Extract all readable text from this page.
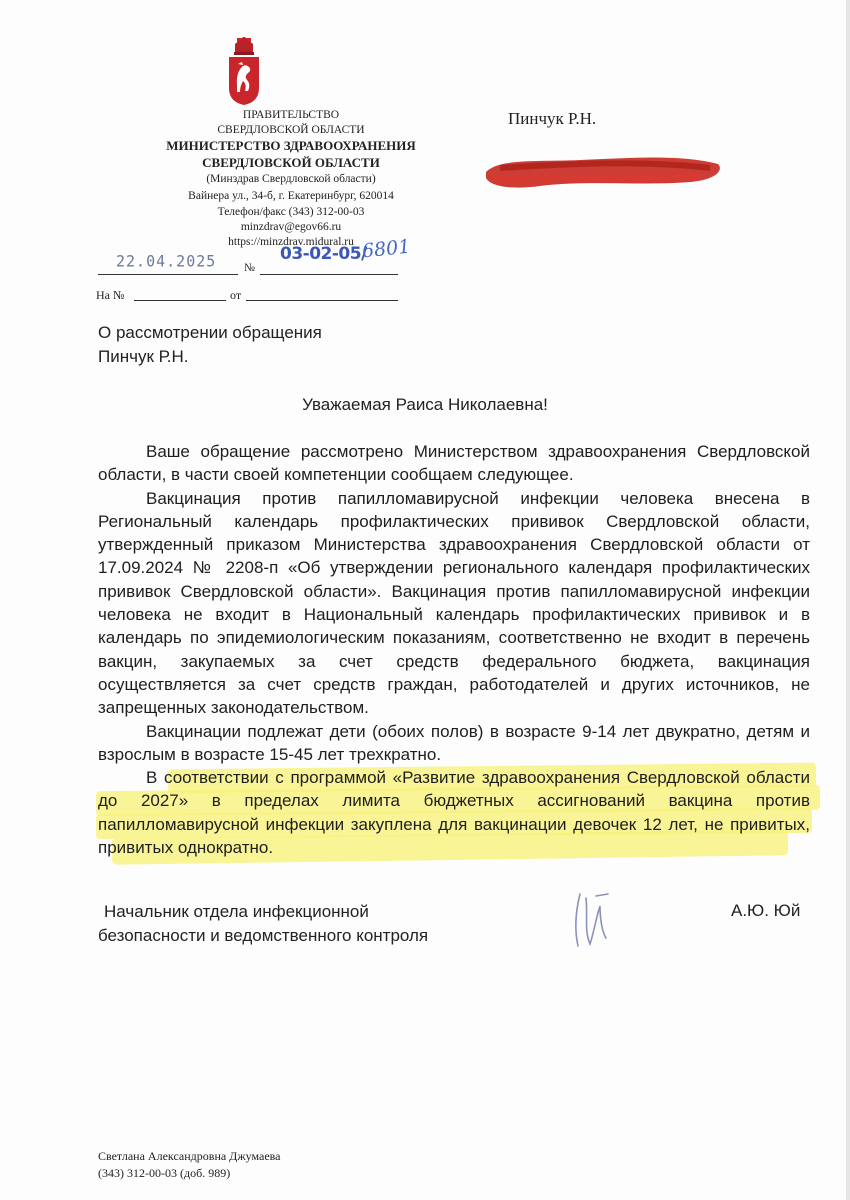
ПРАВИТЕЛЬСТВО
СВЕРДЛОВСКОЙ ОБЛАСТИ
МИНИСТЕРСТВО ЗДРАВООХРАНЕНИЯ
СВЕРДЛОВСКОЙ ОБЛАСТИ
(Минздрав Свердловской области)
Вайнера ул., 34-б, г. Екатеринбург, 620014
Телефон/факс (343) 312-00-03
minzdrav@egov66.ru
https://minzdrav.midural.ru
22.04.2025 №
03-02-05/
6801
На №	от
Пинчук Р.Н.
О рассмотрении обращения
Пинчук Р.Н.
Уважаемая Раиса Николаевна!

Ваше обращение рассмотрено Министерством здравоохранения Свердловской области, в части своей компетенции сообщаем следующее.

Вакцинация против папилломавирусной инфекции человека внесена в Региональный календарь профилактических прививок Свердловской области, утвержденный приказом Министерства здравоохранения Свердловской области от 17.09.2024 № 2208-п «Об утверждении регионального календаря профилактических прививок Свердловской области». Вакцинация против папилломавирусной инфекции человека не входит в Национальный календарь профилактических прививок и в календарь по эпидемиологическим показаниям, соответственно не входит в перечень вакцин, закупаемых за счет средств федерального бюджета, вакцинация осуществляется за счет средств граждан, работодателей и других источников, не запрещенных законодательством.

Вакцинации подлежат дети (обоих полов) в возрасте 9-14 лет двукратно, детям и взрослым в возрасте 15-45 лет трехкратно.

В соответствии с программой «Развитие здравоохранения Свердловской области до 2027» в пределах лимита бюджетных ассигнований вакцина против папилломавирусной инфекции закуплена для вакцинации девочек 12 лет, не привитых, привитых однократно.

Начальник отдела инфекционной
безопасности и ведомственного контроля
А.Ю. Юй
Светлана Александровна Джумаева
(343) 312-00-03 (доб. 989)
